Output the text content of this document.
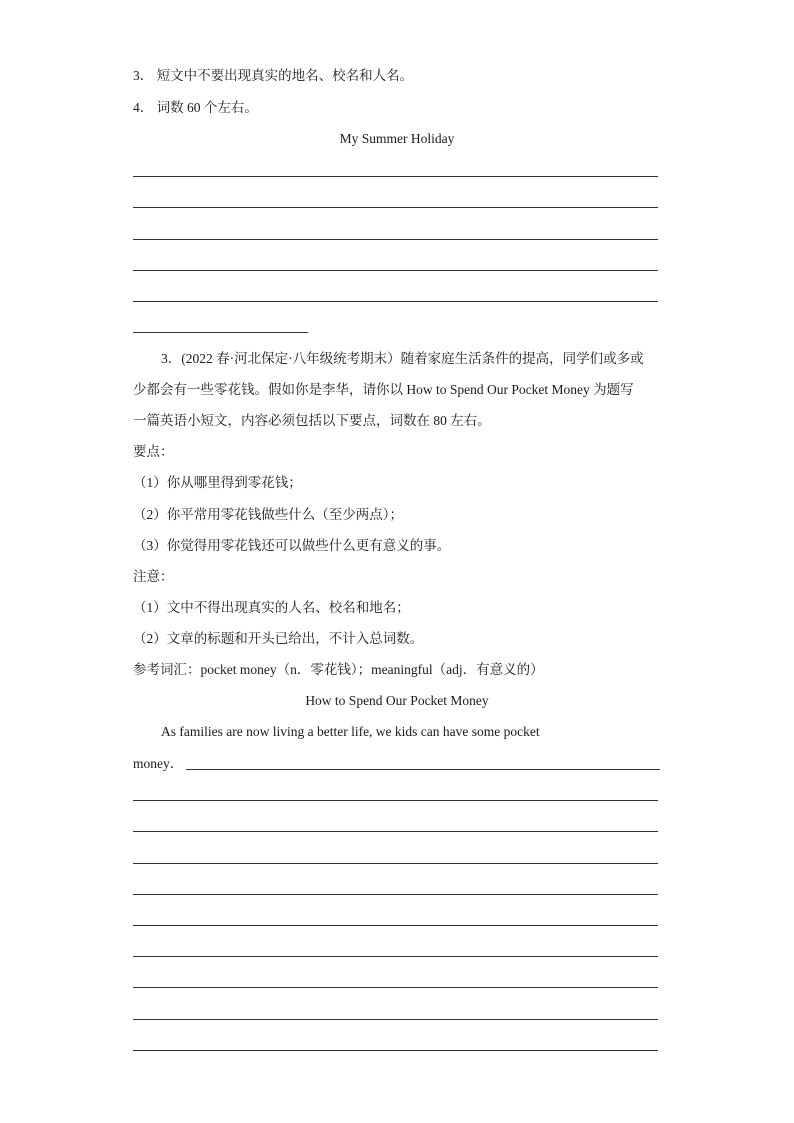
3． 短文中不要出现真实的地名、校名和人名。
4． 词数 60 个左右。
My Summer Holiday
3．(2022 春·河北保定·八年级统考期末）随着家庭生活条件的提高，同学们或多或
少都会有一些零花钱。假如你是李华，请你以 How to Spend Our Pocket Money 为题写
一篇英语小短文，内容必须包括以下要点，词数在 80 左右。
要点：
（1）你从哪里得到零花钱；
（2）你平常用零花钱做些什么（至少两点）；
（3）你觉得用零花钱还可以做些什么更有意义的事。
注意：
（1）文中不得出现真实的人名、校名和地名；
（2）文章的标题和开头已给出，不计入总词数。
参考词汇：pocket money（n．零花钱）；meaningful（adj．有意义的）
How to Spend Our Pocket Money
As families are now living a better life, we kids can have some pocket
money．
